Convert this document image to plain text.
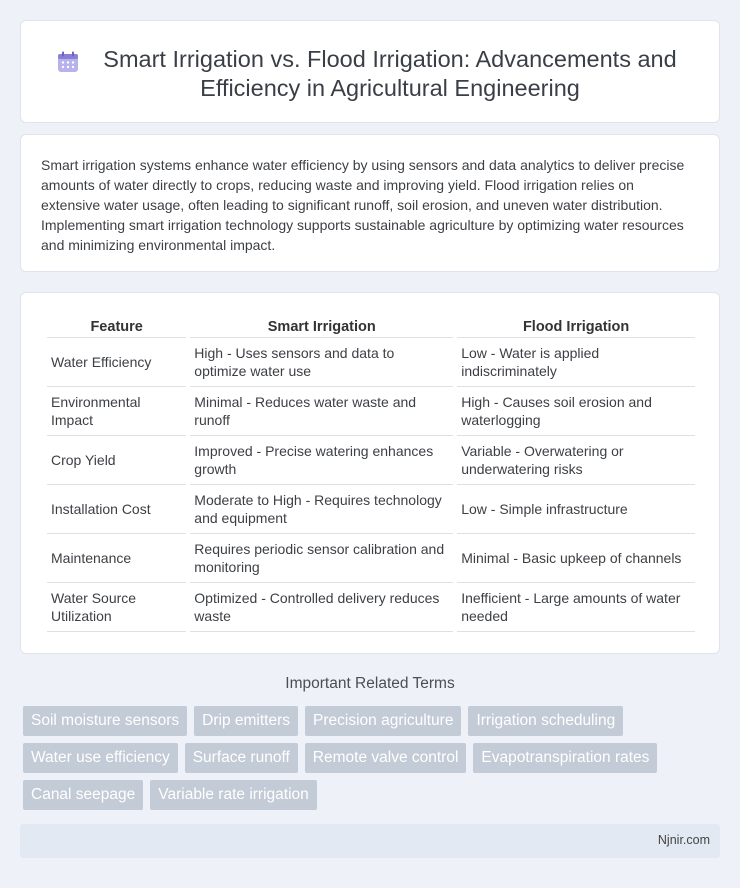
Smart Irrigation vs. Flood Irrigation: Advancements and Efficiency in Agricultural Engineering

Smart irrigation systems enhance water efficiency by using sensors and data analytics to deliver precise amounts of water directly to crops, reducing waste and improving yield. Flood irrigation relies on extensive water usage, often leading to significant runoff, soil erosion, and uneven water distribution. Implementing smart irrigation technology supports sustainable agriculture by optimizing water resources and minimizing environmental impact.

Feature	Smart Irrigation	Flood Irrigation
Water Efficiency	High - Uses sensors and data to optimize water use	Low - Water is applied indiscriminately
Environmental Impact	Minimal - Reduces water waste and runoff	High - Causes soil erosion and waterlogging
Crop Yield	Improved - Precise watering enhances growth	Variable - Overwatering or underwatering risks
Installation Cost	Moderate to High - Requires technology and equipment	Low - Simple infrastructure
Maintenance	Requires periodic sensor calibration and monitoring	Minimal - Basic upkeep of channels
Water Source Utilization	Optimized - Controlled delivery reduces waste	Inefficient - Large amounts of water needed
Important Related Terms
Soil moisture sensors	Drip emitters	Precision agriculture	Irrigation scheduling
Water use efficiency	Surface runoff	Remote valve control	Evapotranspiration rates
Canal seepage	Variable rate irrigation
Njnir.com
